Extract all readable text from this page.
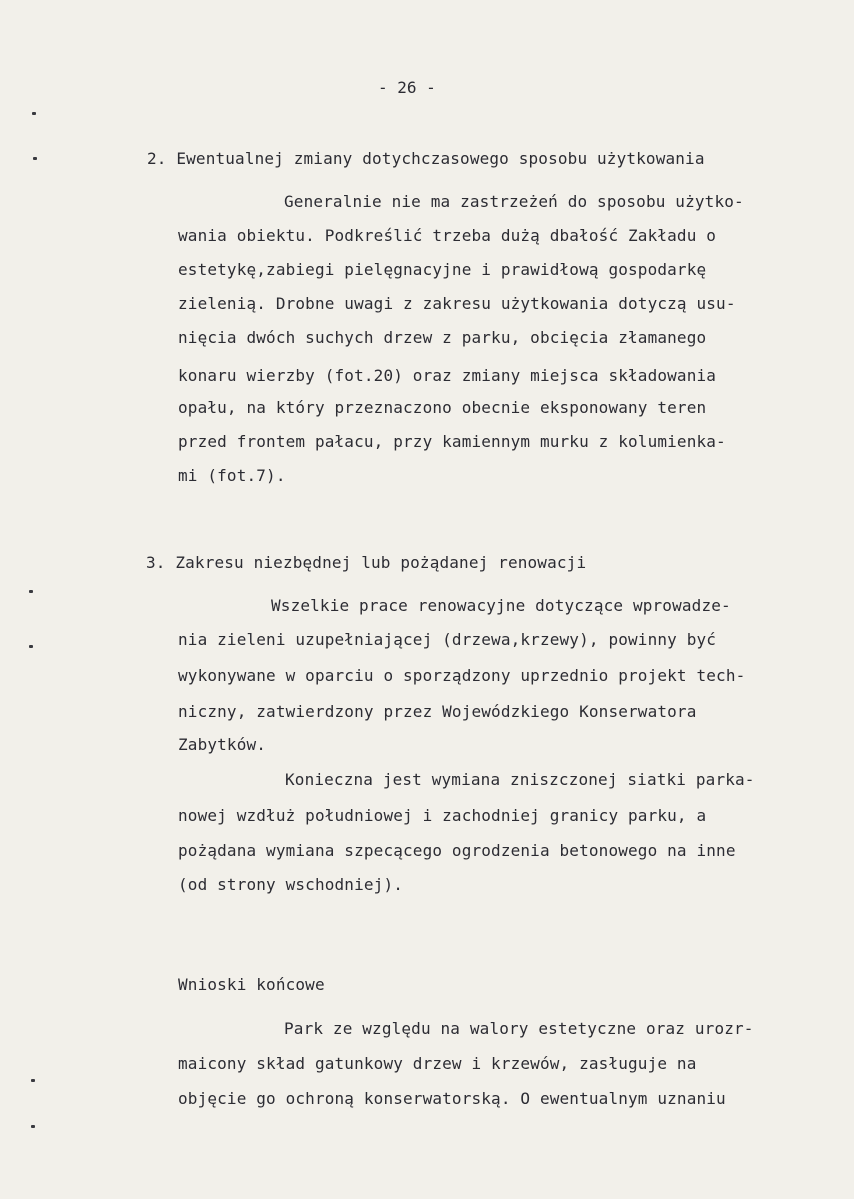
- 26 -
2. Ewentualnej zmiany dotychczasowego sposobu użytkowania
Generalnie nie ma zastrzeżeń do sposobu użytko-
wania obiektu. Podkreślić trzeba dużą dbałość Zakładu o
estetykę,zabiegi pielęgnacyjne i prawidłową gospodarkę
zielenią. Drobne uwagi z zakresu użytkowania dotyczą usu-
nięcia dwóch suchych drzew z parku, obcięcia złamanego
konaru wierzby (fot.20) oraz zmiany miejsca składowania
opału, na który przeznaczono obecnie eksponowany teren
przed frontem pałacu, przy kamiennym murku z kolumienka-
mi (fot.7).
3. Zakresu niezbędnej lub pożądanej renowacji
Wszelkie prace renowacyjne dotyczące wprowadze-
nia zieleni uzupełniającej (drzewa,krzewy), powinny być
wykonywane w oparciu o sporządzony uprzednio projekt tech-
niczny, zatwierdzony przez Wojewódzkiego Konserwatora
Zabytków.
Konieczna jest wymiana zniszczonej siatki parka-
nowej wzdłuż południowej i zachodniej granicy parku, a
pożądana wymiana szpecącego ogrodzenia betonowego na inne
(od strony wschodniej).
Wnioski końcowe
Park ze względu na walory estetyczne oraz urozr-
maicony skład gatunkowy drzew i krzewów, zasługuje na
objęcie go ochroną konserwatorską. O ewentualnym uznaniu
